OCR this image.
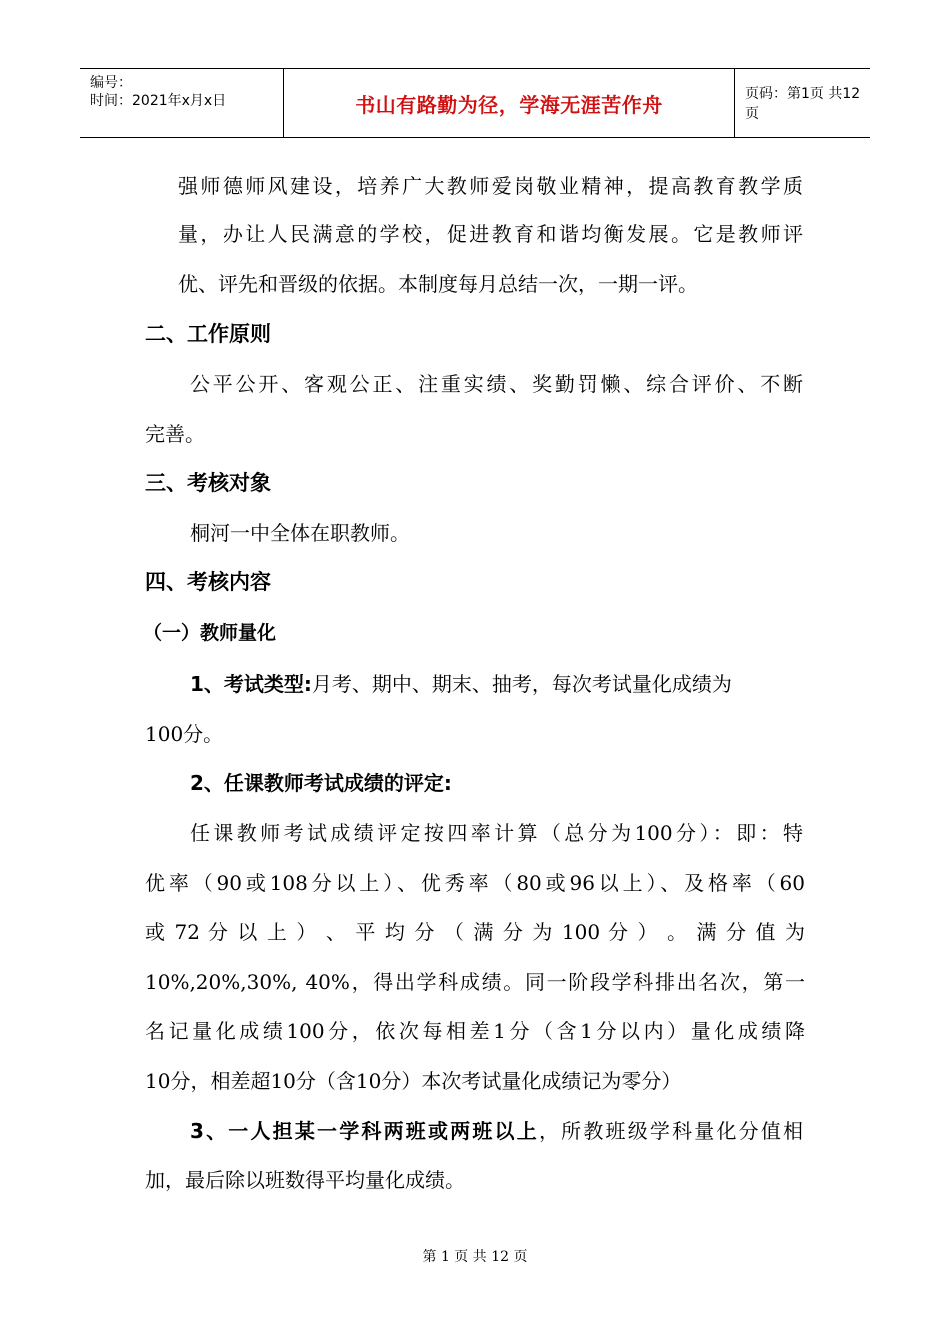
编号：
时间：2021年x月x日	书山有路勤为径，学海无涯苦作舟	页码：第1页 共12页
强师德师风建设，培养广大教师爱岗敬业精神，提高教育教学质
量，办让人民满意的学校，促进教育和谐均衡发展。它是教师评
优、评先和晋级的依据。本制度每月总结一次，一期一评。
二、工作原则
公平公开、客观公正、注重实绩、奖勤罚懒、综合评价、不断
完善。
三、考核对象
桐河一中全体在职教师。
四、考核内容
（一）教师量化
1、考试类型:月考、期中、期末、抽考，每次考试量化成绩为
100分。
2、任课教师考试成绩的评定:
任课教师考试成绩评定按四率计算（总分为100分）：即：特
优率（90或108分以上）、优秀率（80或96以上）、及格率（60
或 72 分 以 上 ） 、 平 均 分 （ 满 分 为 100 分 ） 。 满 分 值 为
10%,20%,30%, 40%，得出学科成绩。同一阶段学科排出名次，第一
名记量化成绩100分，依次每相差1分（含1分以内）量化成绩降
10分，相差超10分（含10分）本次考试量化成绩记为零分）
3、一人担某一学科两班或两班以上，所教班级学科量化分值相
加，最后除以班数得平均量化成绩。
第 1 页 共 12 页
